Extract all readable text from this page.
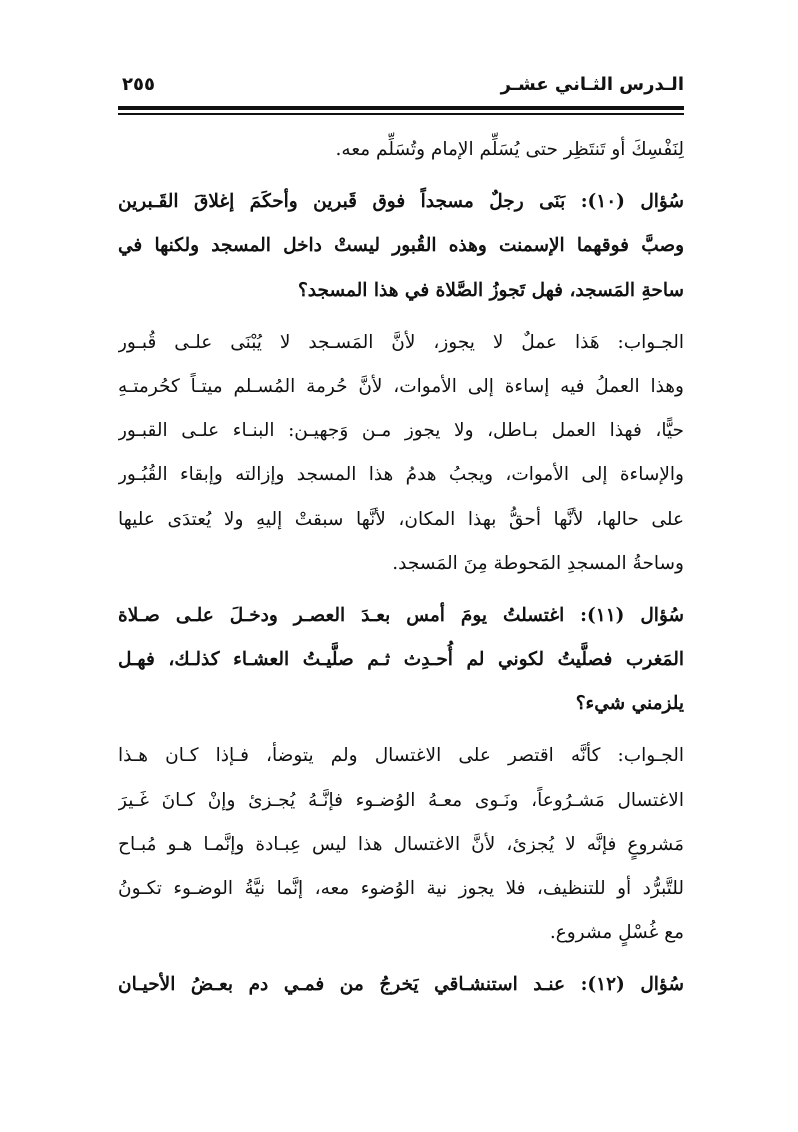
الـدرس الثـاني عشـر
٢٥٥
لِنَفْسِكَ أو تَنتَظِر حتى يُسَلِّم الإمام وتُسَلِّم معه.
سُؤال (١٠): بَنَى رجلٌ مسجداً فوق قَبرين وأحكَمَ إغلاقَ القَـبرين
وصبَّ فوقهما الإسمنت وهذه القُبور ليستْ داخل المسجد ولكنها في
ساحةِ المَسجد، فهل تَجوزُ الصَّلاة في هذا المسجد؟
الجـواب: هَذا عملٌ لا يجوز، لأنَّ المَسـجد لا يُبْنَى علـى قُبـور
وهذا العملُ فيه إساءة إلى الأموات، لأنَّ حُرمة المُسـلم ميتـاً كحُرمتـهِ
حيًّا، فهذا العمل بـاطل، ولا يجوز مـن وَجهيـن: البنـاء علـى القبـور
والإساءة إلى الأموات، ويجبُ هدمُ هذا المسجد وإزالته وإبقاء القُبُـور
على حالها، لأنَّها أحقُّ بهذا المكان، لأنَّها سبقتْ إليهِ ولا يُعتدَى عليها
وساحةُ المسجدِ المَحوطة مِنَ المَسجد.
سُؤال (١١): اغتسلتُ يومَ أمس بعـدَ العصـر ودخـلَ علـى صـلاة
المَغرب فصلَّيتُ لكوني لم أُحـدِث ثـم صلَّيـتُ العشـاء كذلـك، فهـل
يلزمني شيء؟
الجـواب: كأنَّه اقتصر على الاغتسال ولم يتوضأ، فـإذا كـان هـذا
الاغتسال مَشـرُوعاً، ونَـوى معـهُ الوُضـوء فإنَّـهُ يُجـزئ وإنْ كـانَ غَـيرَ
مَشروعٍ فإنَّه لا يُجزئ، لأنَّ الاغتسال هذا ليس عِبـادة وإنَّمـا هـو مُبـاح
للتَّبرُّد أو للتنظيف، فلا يجوز نية الوُضوء معه، إنَّما نيَّةُ الوضـوء تكـونُ
مع غُسْلٍ مشروع.
سُؤال (١٢): عنـد استنشـاقي يَخرجُ من فمـي دم بعـضُ الأحيـان
